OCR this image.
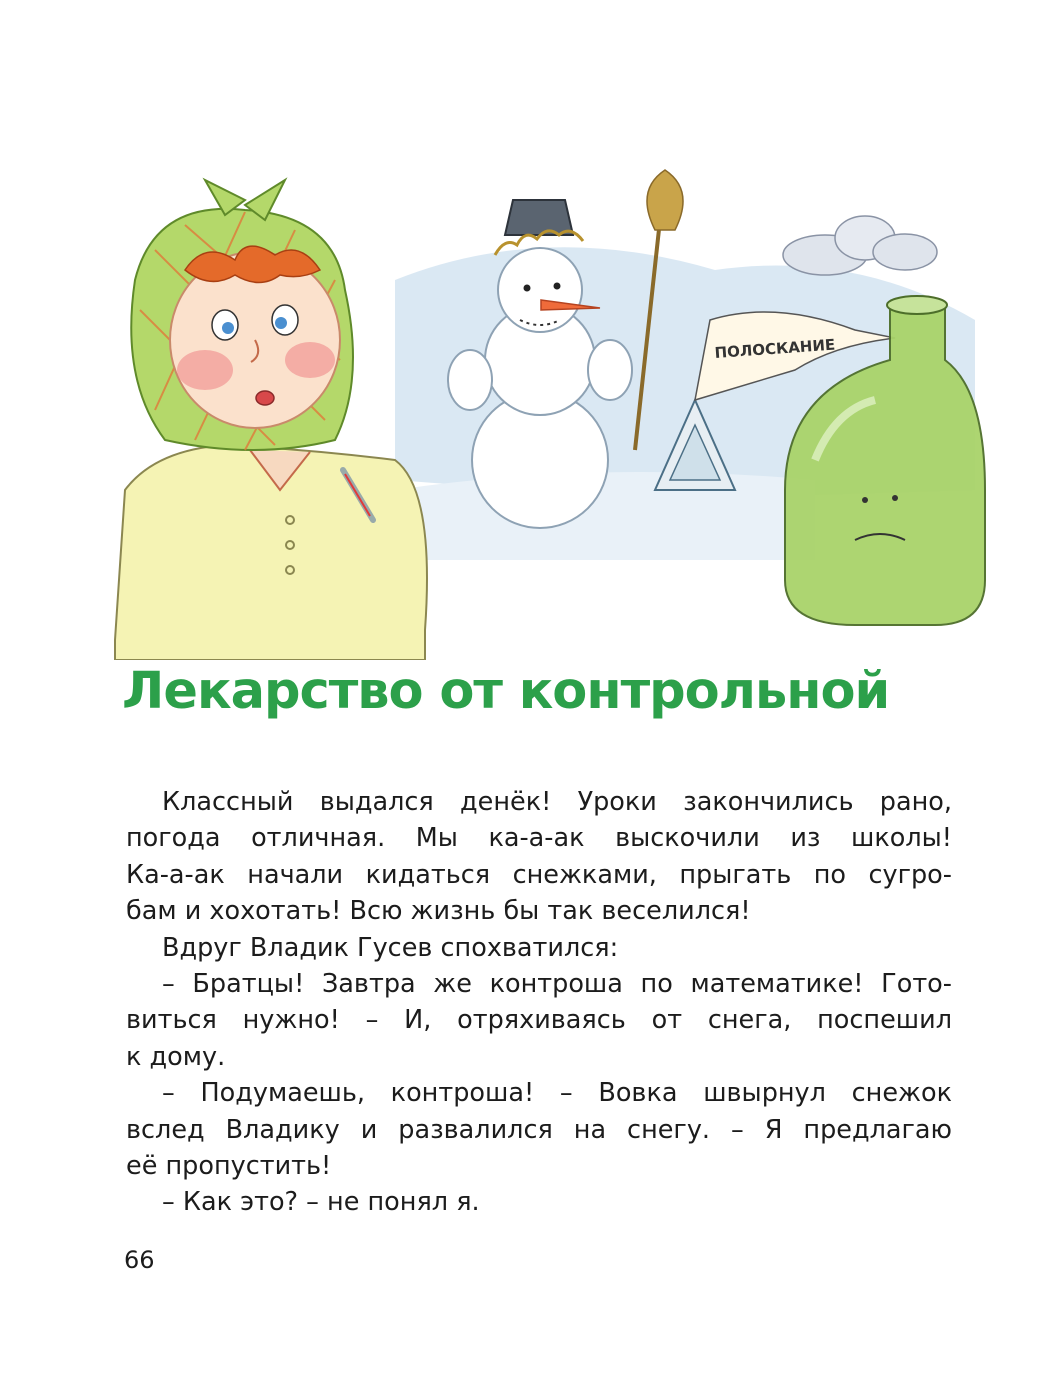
ПОЛОСКАНИЕ
Лекарство от контрольной
Классный выдался денёк! Уроки закончились рано,
погода отличная. Мы ка-а-ак выскочили из школы!
Ка-а-ак начали кидаться снежками, прыгать по сугро-
бам и хохотать! Всю жизнь бы так веселился!
Вдруг Владик Гусев спохватился:
– Братцы! Завтра же контроша по математике! Гото-
виться нужно! – И, отряхиваясь от снега, поспешил
к дому.
– Подумаешь, контроша! – Вовка швырнул снежок
вслед Владику и развалился на снегу. – Я предлагаю
её пропустить!
– Как это? – не понял я.
66
